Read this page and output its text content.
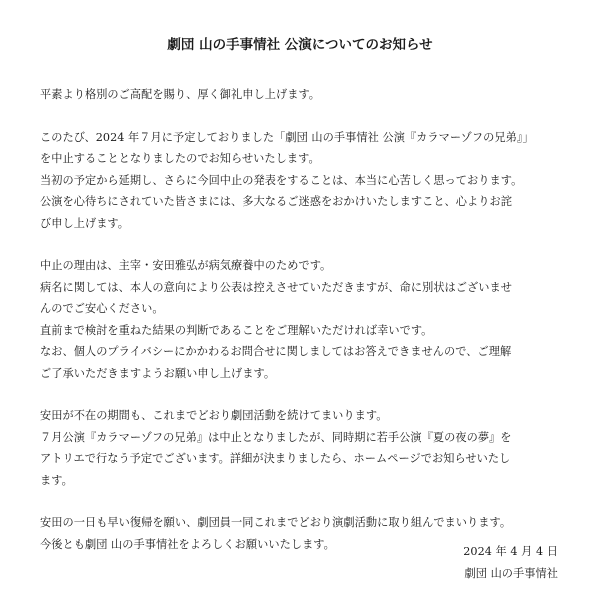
劇団 山の手事情社 公演についてのお知らせ
平素より格別のご高配を賜り、厚く御礼申し上げます。
このたび、2024 年７月に予定しておりました「劇団 山の手事情社 公演『カラマーゾフの兄弟』」
を中止することとなりましたのでお知らせいたします。
当初の予定から延期し、さらに今回中止の発表をすることは、本当に心苦しく思っております。
公演を心待ちにされていた皆さまには、多大なるご迷惑をおかけいたしますこと、心よりお詫
び申し上げます。
中止の理由は、主宰・安田雅弘が病気療養中のためです。
病名に関しては、本人の意向により公表は控えさせていただきますが、命に別状はございませ
んのでご安心ください。
直前まで検討を重ねた結果の判断であることをご理解いただければ幸いです。
なお、個人のプライバシーにかかわるお問合せに関しましてはお答えできませんので、ご理解
ご了承いただきますようお願い申し上げます。
安田が不在の期間も、これまでどおり劇団活動を続けてまいります。
７月公演『カラマーゾフの兄弟』は中止となりましたが、同時期に若手公演『夏の夜の夢』を
アトリエで行なう予定でございます。詳細が決まりましたら、ホームページでお知らせいたし
ます。
安田の一日も早い復帰を願い、劇団員一同これまでどおり演劇活動に取り組んでまいります。
今後とも劇団 山の手事情社をよろしくお願いいたします。
2024 年 4 月 4 日
劇団 山の手事情社
